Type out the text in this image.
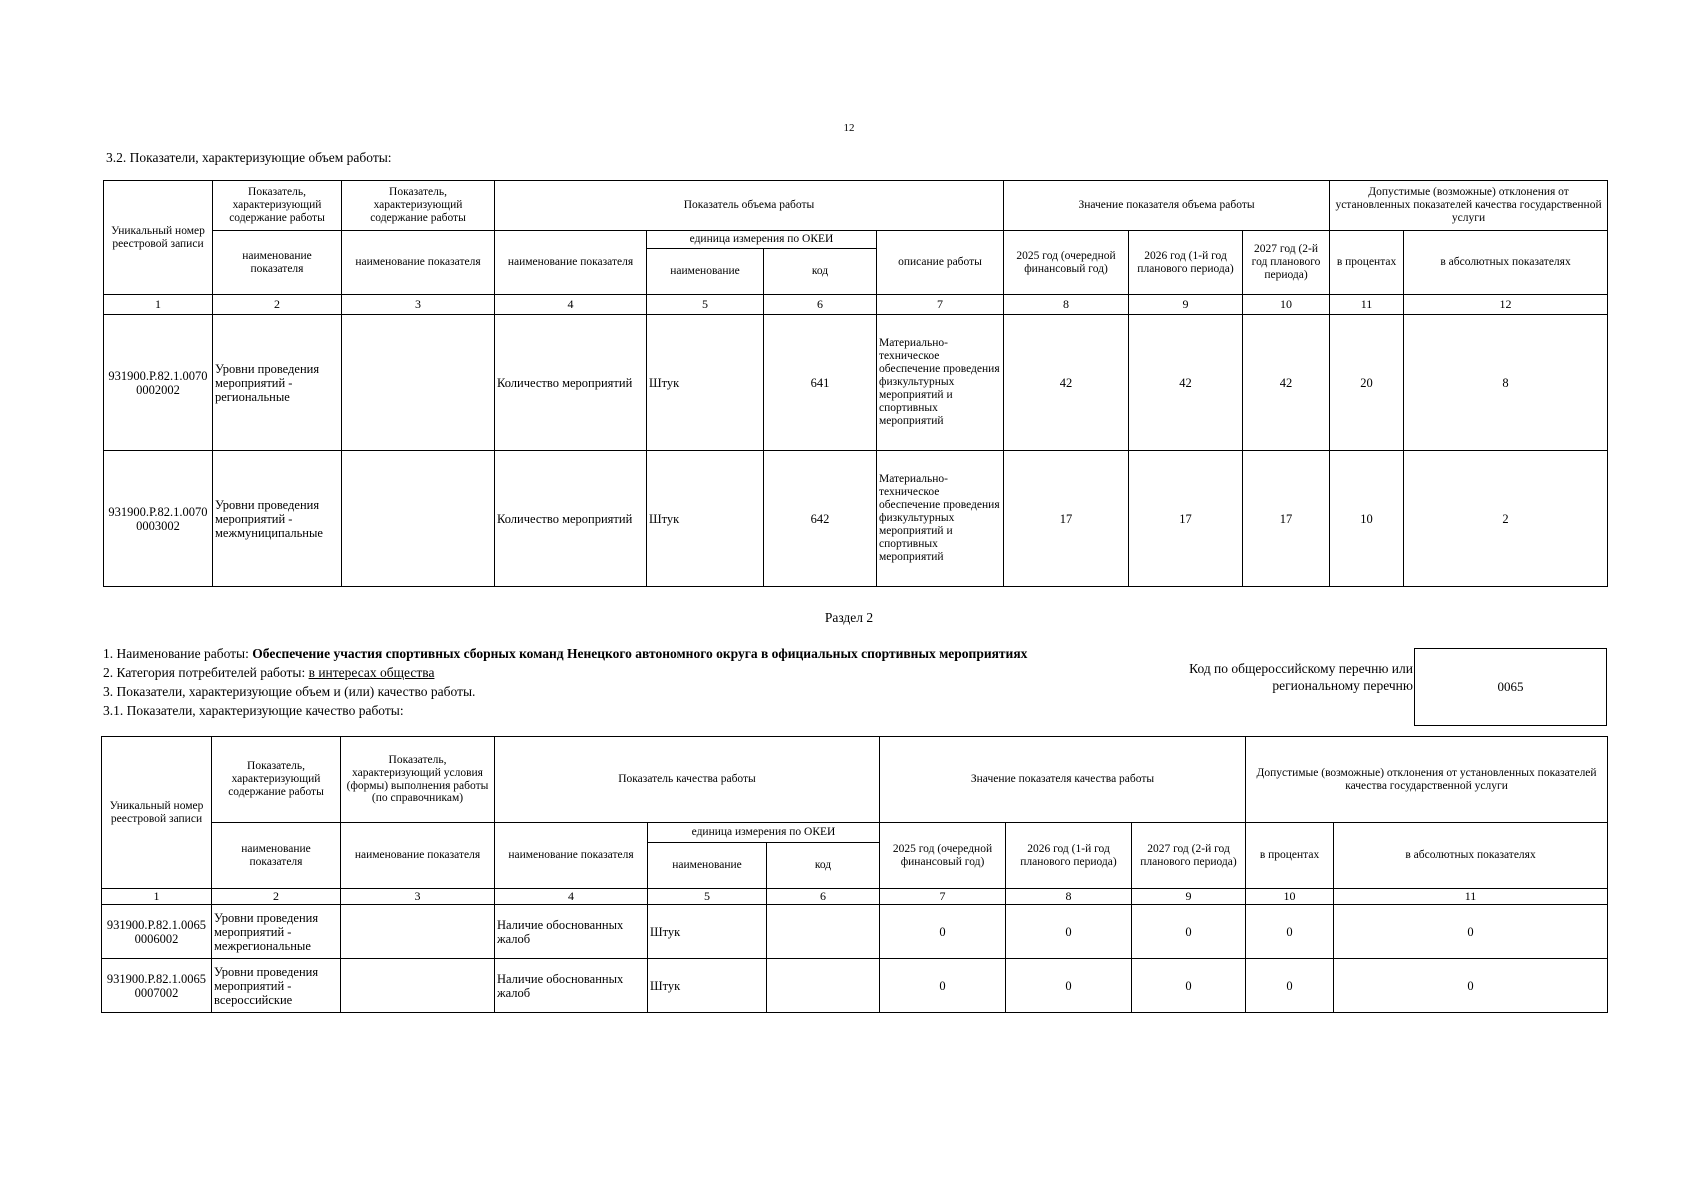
12
3.2. Показатели, характеризующие объем работы:
Уникальный номер реестровой записи	Показатель, характеризующий содержание работы	Показатель, характеризующий содержание работы	Показатель объема работы				Значение показателя объема работы			Допустимые (возможные) отклонения от установленных показателей качества государственной услуги	
	наименование показателя	наименование показателя	наименование показателя	единица измерения по ОКЕИ		описание работы	2025 год (очередной финансовый год)	2026 год (1-й год планового периода)	2027 год (2-й год планового периода)	в процентах	в абсолютных показателях
				наименование	код						
1	2	3	4	5	6	7	8	9	10	11	12
931900.Р.82.1.0070 0002002	Уровни проведения мероприятий - региональные		Количество мероприятий	Штук	641	Материально-техническое обеспечение проведения физкультурных мероприятий и спортивных мероприятий	42	42	42	20	8
931900.Р.82.1.0070 0003002	Уровни проведения мероприятий - межмуниципальные		Количество мероприятий	Штук	642	Материально-техническое обеспечение проведения физкультурных мероприятий и спортивных мероприятий	17	17	17	10	2
Раздел 2
1. Наименование работы: Обеспечение участия спортивных сборных команд Ненецкого автономного округа в официальных спортивных мероприятиях
2. Категория потребителей работы: в интересах общества
3. Показатели, характеризующие объем и (или) качество работы.
3.1. Показатели, характеризующие качество работы:
Код по общероссийскому перечню или региональному перечню	0065
Уникальный номер реестровой записи	Показатель, характеризующий содержание работы	Показатель, характеризующий условия (формы) выполнения работы (по справочникам)	Показатель качества работы			Значение показателя качества работы			Допустимые (возможные) отклонения от установленных показателей качества государственной услуги	
	наименование показателя	наименование показателя	наименование показателя	единица измерения по ОКЕИ		2025 год (очередной финансовый год)	2026 год (1-й год планового периода)	2027 год (2-й год планового периода)	в процентах	в абсолютных показателях
				наименование	код					
1	2	3	4	5	6	7	8	9	10	11
931900.Р.82.1.0065 0006002	Уровни проведения мероприятий - межрегиональные		Наличие обоснованных жалоб	Штук		0	0	0	0	0
931900.Р.82.1.0065 0007002	Уровни проведения мероприятий - всероссийские		Наличие обоснованных жалоб	Штук		0	0	0	0	0
